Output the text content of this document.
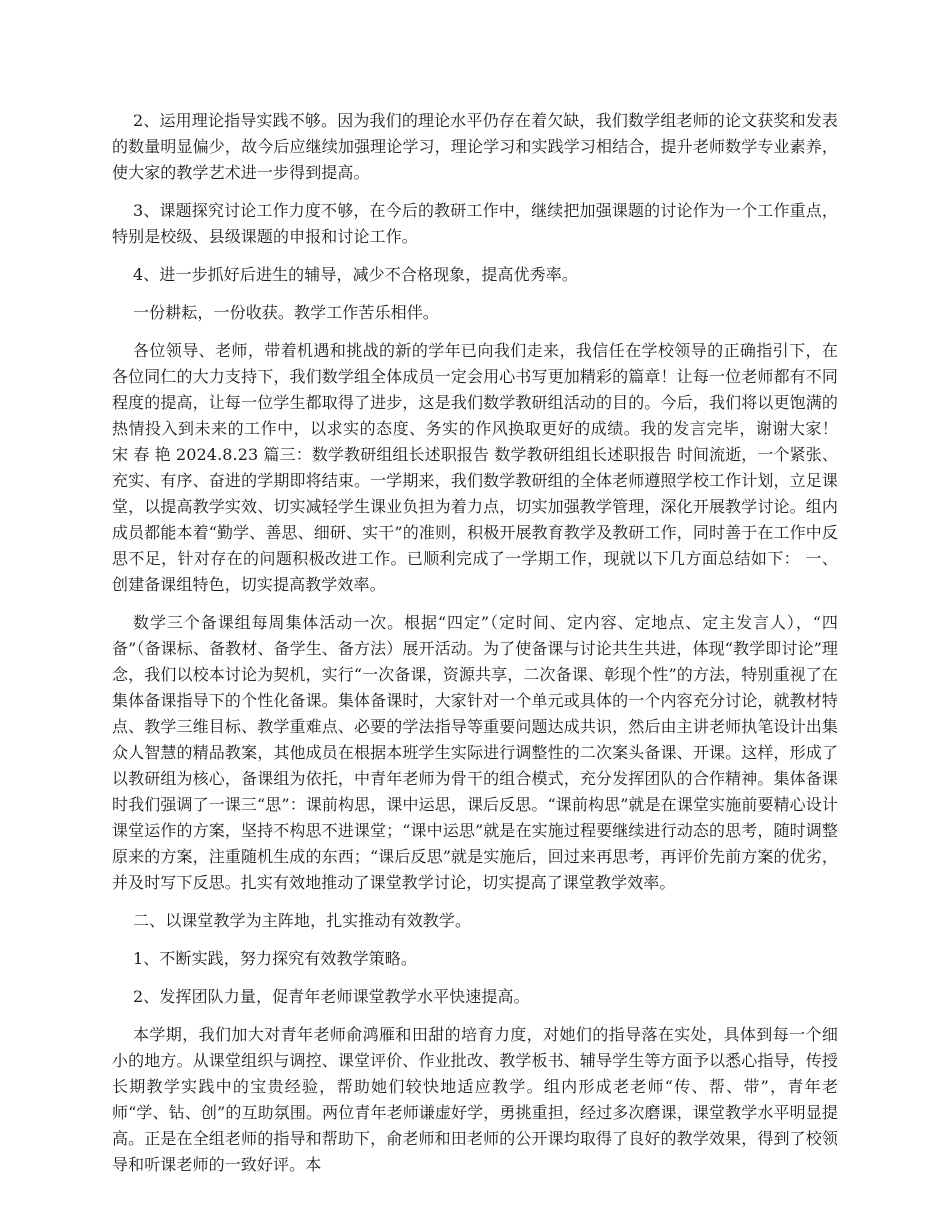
2、运用理论指导实践不够。因为我们的理论水平仍存在着欠缺，我们数学组老师的论文获奖和发表的数量明显偏少，故今后应继续加强理论学习，理论学习和实践学习相结合，提升老师数学专业素养，使大家的教学艺术进一步得到提高。

3、课题探究讨论工作力度不够，在今后的教研工作中，继续把加强课题的讨论作为一个工作重点，特别是校级、县级课题的申报和讨论工作。

4、进一步抓好后进生的辅导，减少不合格现象，提高优秀率。

一份耕耘，一份收获。教学工作苦乐相伴。

各位领导、老师，带着机遇和挑战的新的学年已向我们走来，我信任在学校领导的正确指引下，在各位同仁的大力支持下，我们数学组全体成员一定会用心书写更加精彩的篇章！让每一位老师都有不同程度的提高，让每一位学生都取得了进步，这是我们数学教研组活动的目的。今后，我们将以更饱满的热情投入到未来的工作中，以求实的态度、务实的作风换取更好的成绩。我的发言完毕，谢谢大家！ 宋 春 艳 2024.8.23 篇三：数学教研组组长述职报告 数学教研组组长述职报告 时间流逝，一个紧张、充实、有序、奋进的学期即将结束。一学期来，我们数学教研组的全体老师遵照学校工作计划，立足课堂，以提高教学实效、切实减轻学生课业负担为着力点，切实加强教学管理，深化开展教学讨论。组内成员都能本着“勤学、善思、细研、实干”的准则，积极开展教育教学及教研工作，同时善于在工作中反思不足，针对存在的问题积极改进工作。已顺利完成了一学期工作，现就以下几方面总结如下： 一、创建备课组特色，切实提高教学效率。

数学三个备课组每周集体活动一次。根据“四定”（定时间、定内容、定地点、定主发言人），“四备”（备课标、备教材、备学生、备方法）展开活动。为了使备课与讨论共生共进，体现“教学即讨论”理念，我们以校本讨论为契机，实行“一次备课，资源共享，二次备课、彰现个性”的方法，特别重视了在集体备课指导下的个性化备课。集体备课时，大家针对一个单元或具体的一个内容充分讨论，就教材特点、教学三维目标、教学重难点、必要的学法指导等重要问题达成共识，然后由主讲老师执笔设计出集众人智慧的精品教案，其他成员在根据本班学生实际进行调整性的二次案头备课、开课。这样，形成了以教研组为核心，备课组为依托，中青年老师为骨干的组合模式，充分发挥团队的合作精神。集体备课时我们强调了一课三“思”：课前构思，课中运思，课后反思。“课前构思”就是在课堂实施前要精心设计课堂运作的方案，坚持不构思不进课堂；“课中运思”就是在实施过程要继续进行动态的思考，随时调整原来的方案，注重随机生成的东西；“课后反思”就是实施后，回过来再思考，再评价先前方案的优劣，并及时写下反思。扎实有效地推动了课堂教学讨论，切实提高了课堂教学效率。

二、以课堂教学为主阵地，扎实推动有效教学。

1、不断实践，努力探究有效教学策略。

2、发挥团队力量，促青年老师课堂教学水平快速提高。

本学期，我们加大对青年老师俞鸿雁和田甜的培育力度，对她们的指导落在实处，具体到每一个细小的地方。从课堂组织与调控、课堂评价、作业批改、教学板书、辅导学生等方面予以悉心指导，传授长期教学实践中的宝贵经验，帮助她们较快地适应教学。组内形成老老师“传、帮、带”，青年老师“学、钻、创”的互助氛围。两位青年老师谦虚好学，勇挑重担，经过多次磨课，课堂教学水平明显提高。正是在全组老师的指导和帮助下，俞老师和田老师的公开课均取得了良好的教学效果，得到了校领导和听课老师的一致好评。本
